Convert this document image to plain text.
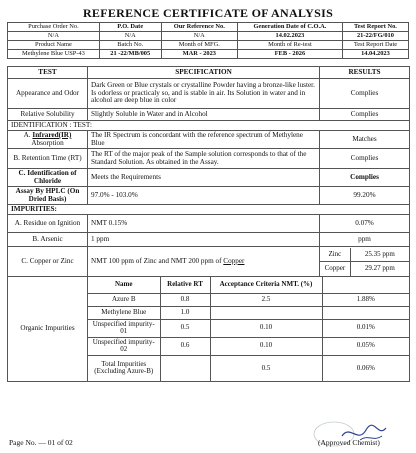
REFERENCE CERTIFICATE OF ANALYSIS
Purchase Order No.	P.O. Date	Our Reference No.	Generation Date of C.O.A.	Test Report No.
N/A	N/A	N/A	14.02.2023	21-22/FG/010
Product Name	Batch No.	Month of MFG.	Month of Re-test	Test Report Date
Methylene Blue USP-43	21 -22/MB/005	MAR - 2023	FEB - 2026	14.04.2023
TEST	SPECIFICATION	RESULTS
Appearance and Odor	Dark Green or Blue crystals or crystalline Powder having a bronze-like luster. Is odorless or practicaly so, and is stable in air. Its Solution in water and in alcohol are deep blue in color	Complies
Relative Solubility	Slightly Soluble in Water and in Alcohol	Complies
IDENTIFICATION : TEST:
A. Infrared(IR) Absorption	The IR Spectrum is concordant with the reference spectrum of Methylene Blue	Matches
B. Retention Time (RT)	The RT of the major peak of the Sample solution corresponds to that of the Standard Solution. As obtained in the Assay.	Complies
C. Identification of Chloride	Meets the Requirements	Complies
Assay By HPLC (On Dried Basis)	97.0% - 103.0%	99.20%
IMPURITIES:
A. Residue on Ignition	NMT 0.15%	0.07%
B. Arsenic	1 ppm	ppm
C. Copper or Zinc	NMT 100 ppm of Zinc and NMT 200 ppm of Copper	
Zinc	25.35 ppm
Copper	29.27 ppm

Organic Impurities	
Name	Relative RT	Acceptance Criteria NMT. (%)	
Azure B	0.8	2.5	1.88%
Methylene Blue	1.0		
Unspecified impurity- 01	0.5	0.10	0.01%
Unspecified impurity- 02	0.6	0.10	0.05%
Total Impurities (Excluding Azure-B)		0.5	0.06%
Page No. — 01 of 02	(Approved Chemist)
